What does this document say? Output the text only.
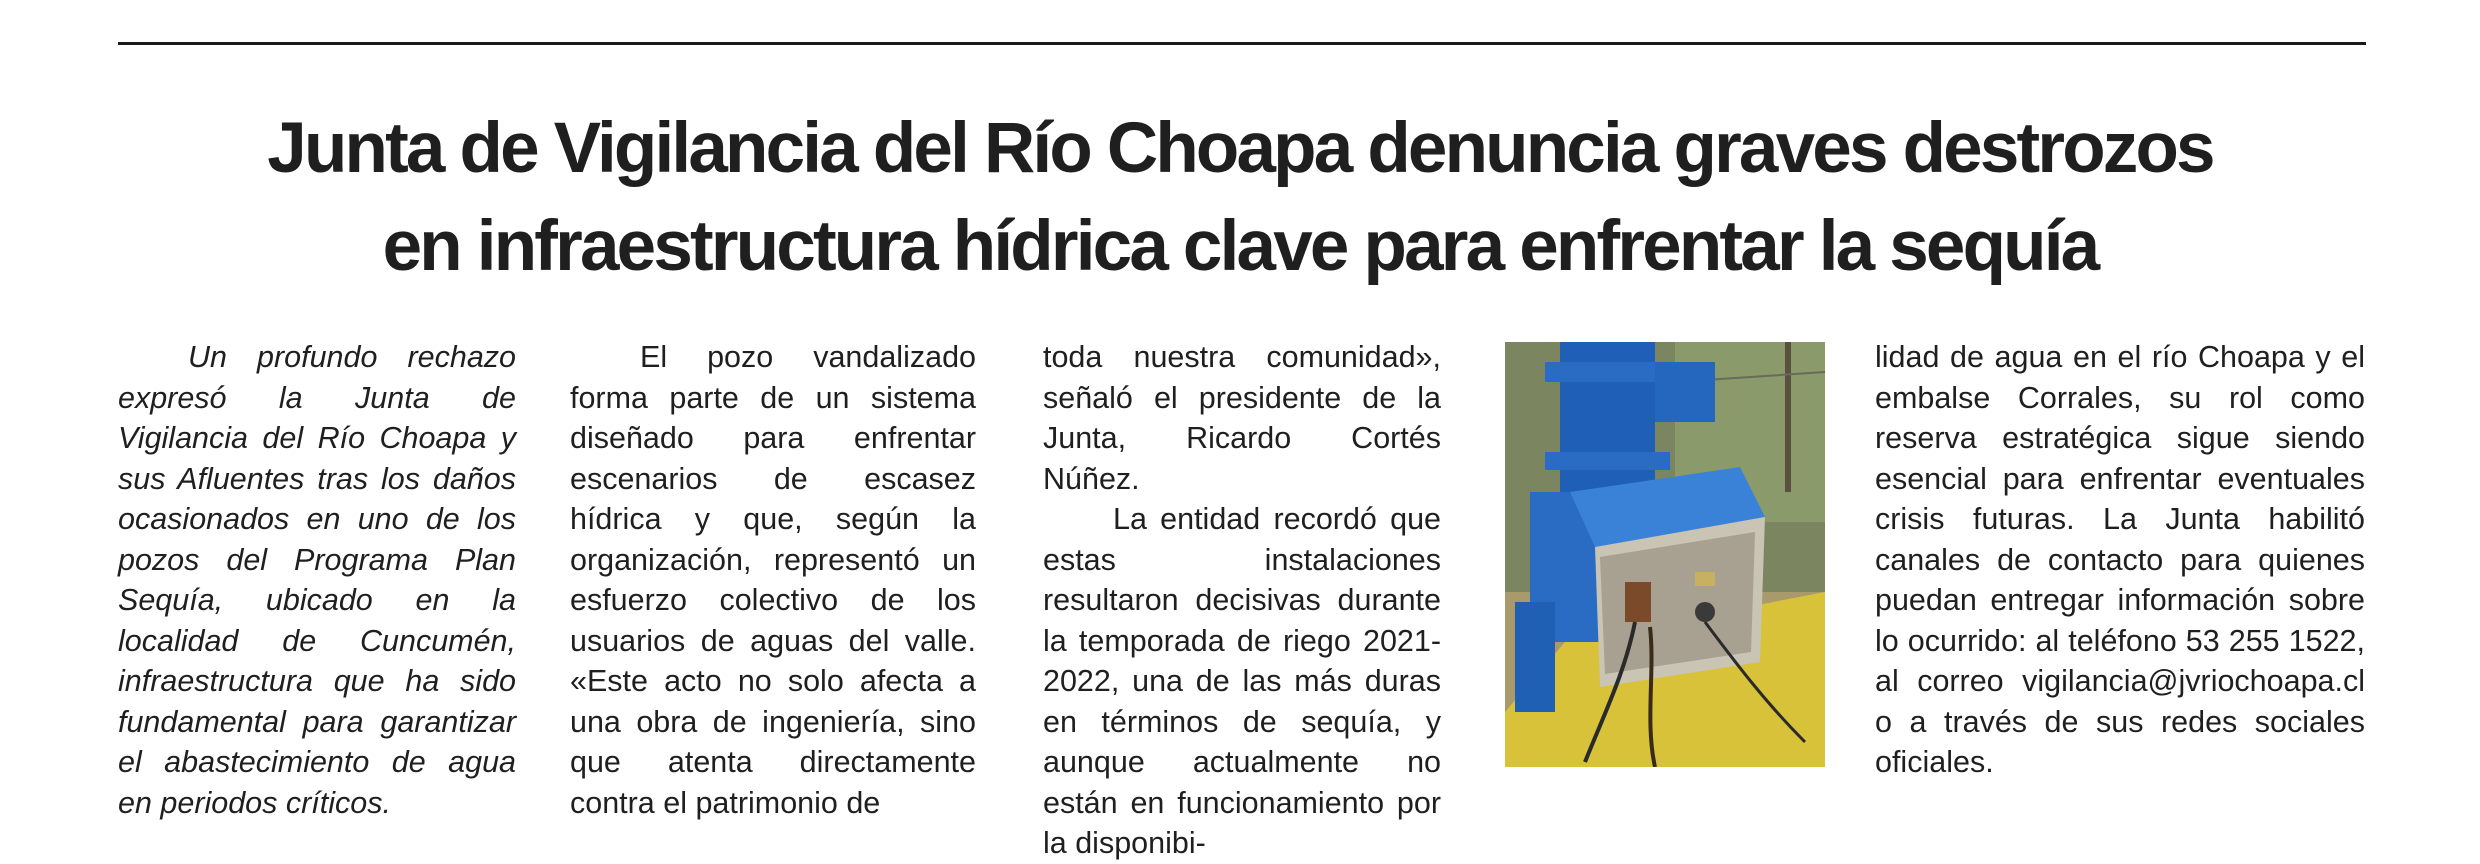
Junta de Vigilancia del Río Choapa denuncia graves destrozos
en infraestructura hídrica clave para enfrentar la sequía

Un profundo rechazo expresó la Junta de Vigilancia del Río Choapa y sus Afluentes tras los daños ocasionados en uno de los pozos del Programa Plan Sequía, ubicado en la localidad de Cuncumén, infraestructura que ha sido fundamental para garantizar el abastecimiento de agua en periodos críticos.

El pozo vandalizado forma parte de un sistema diseñado para enfrentar escenarios de escasez hídrica y que, según la organización, representó un esfuerzo colectivo de los usuarios de aguas del valle. «Este acto no solo afecta a una obra de ingeniería, sino que atenta directamente contra el patrimonio de

toda nuestra comunidad», señaló el presidente de la Junta, Ricardo Cortés Núñez.

La entidad recordó que estas instalaciones resultaron decisivas durante la temporada de riego 2021-2022, una de las más duras en términos de sequía, y aunque actualmente no están en funcionamiento por la disponibi-

lidad de agua en el río Choapa y el embalse Corrales, su rol como reserva estratégica sigue siendo esencial para enfrentar eventuales crisis futuras. La Junta habilitó canales de contacto para quienes puedan entregar información sobre lo ocurrido: al teléfono 53 255 1522, al correo vigilancia@jvriochoapa.cl o a través de sus redes sociales oficiales.
